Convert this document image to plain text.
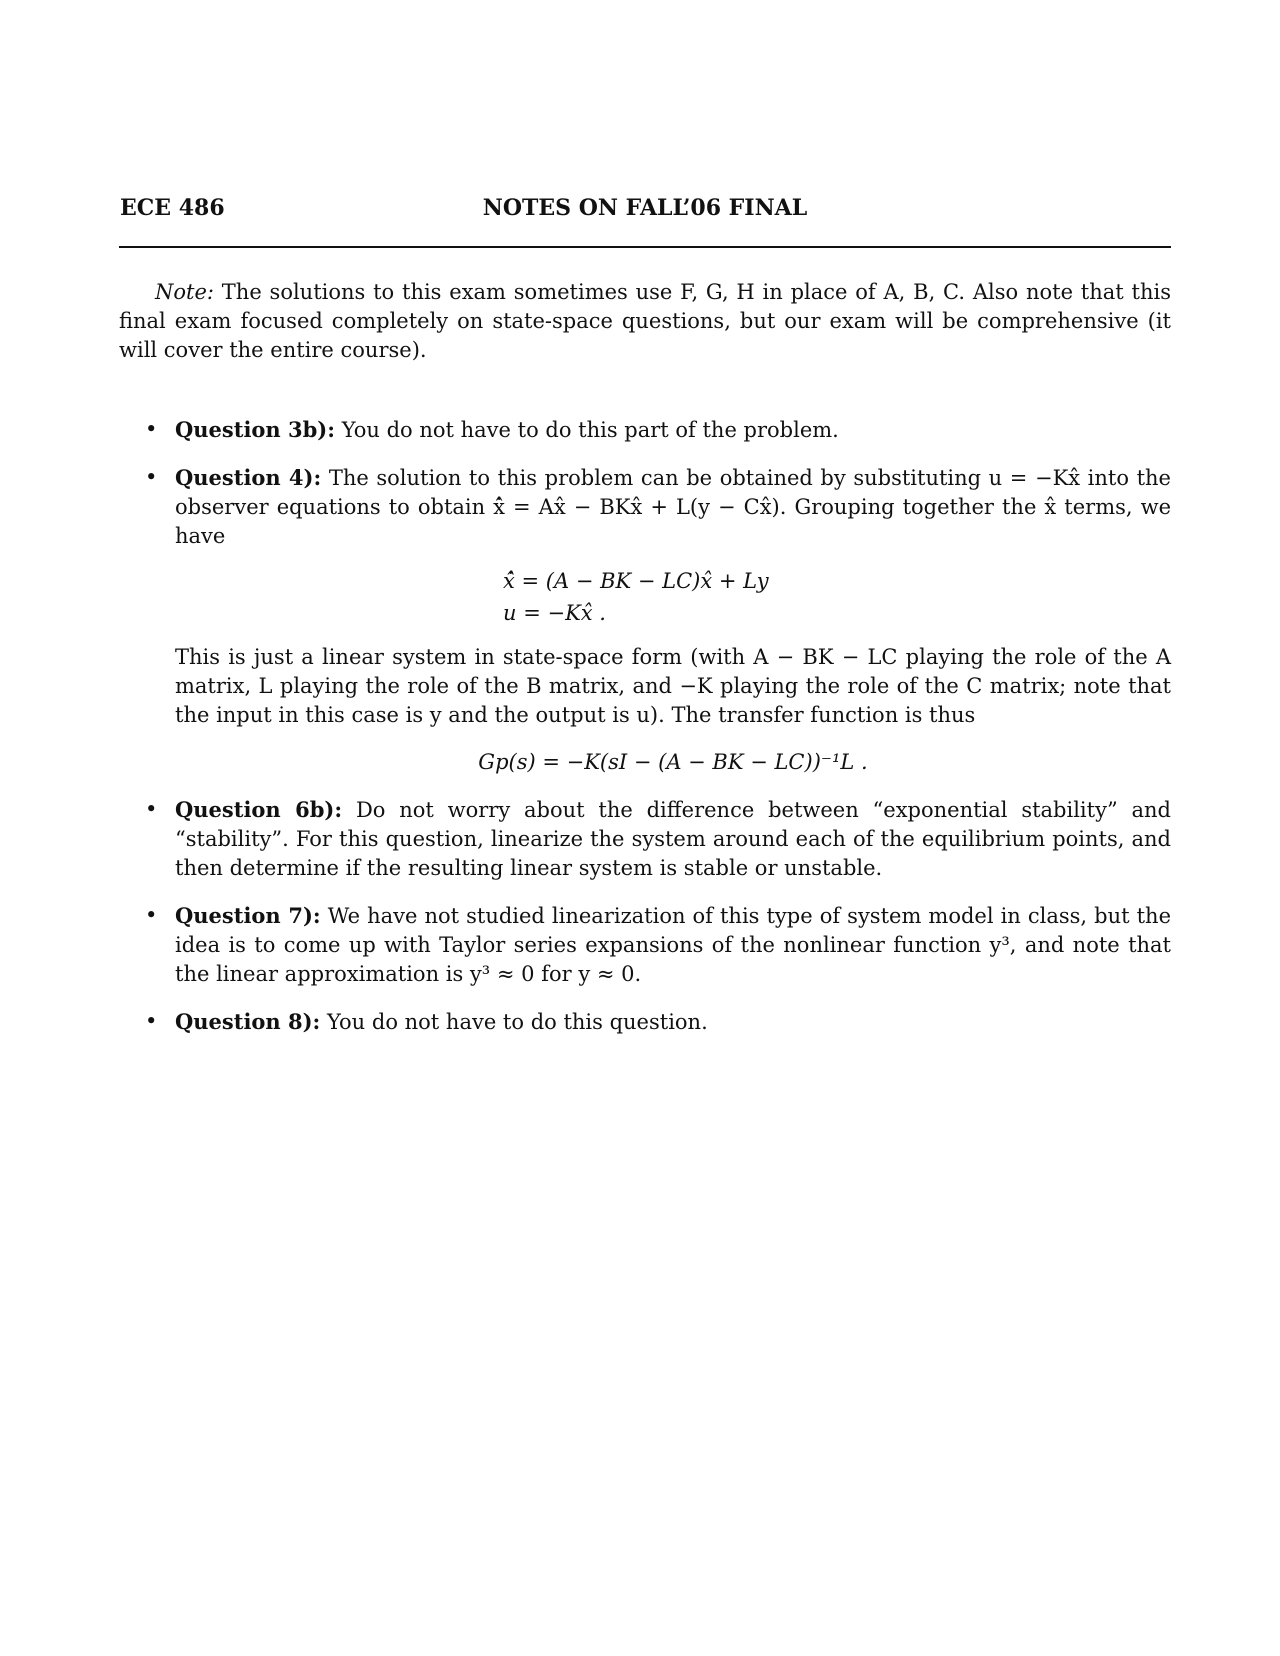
ECE 486	NOTES ON FALL’06 FINAL
Note: The solutions to this exam sometimes use F, G, H in place of A, B, C. Also note that this final exam focused completely on state-space questions, but our exam will be comprehensive (it will cover the entire course).
• Question 3b): You do not have to do this part of the problem.
• Question 4): The solution to this problem can be obtained by substituting u = −Kx̂ into the observer equations to obtain x̂̇ = Ax̂ − BKx̂ + L(y − Cx̂). Grouping together the x̂ terms, we have
x̂̇ = (A − BK − LC)x̂ + Ly
u = −Kx̂ .
This is just a linear system in state-space form (with A − BK − LC playing the role of the A matrix, L playing the role of the B matrix, and −K playing the role of the C matrix; note that the input in this case is y and the output is u). The transfer function is thus
Gp(s) = −K(sI − (A − BK − LC))⁻¹L .
• Question 6b): Do not worry about the difference between “exponential stability” and “stability”. For this question, linearize the system around each of the equilibrium points, and then determine if the resulting linear system is stable or unstable.
• Question 7): We have not studied linearization of this type of system model in class, but the idea is to come up with Taylor series expansions of the nonlinear function y³, and note that the linear approximation is y³ ≈ 0 for y ≈ 0.
• Question 8): You do not have to do this question.
